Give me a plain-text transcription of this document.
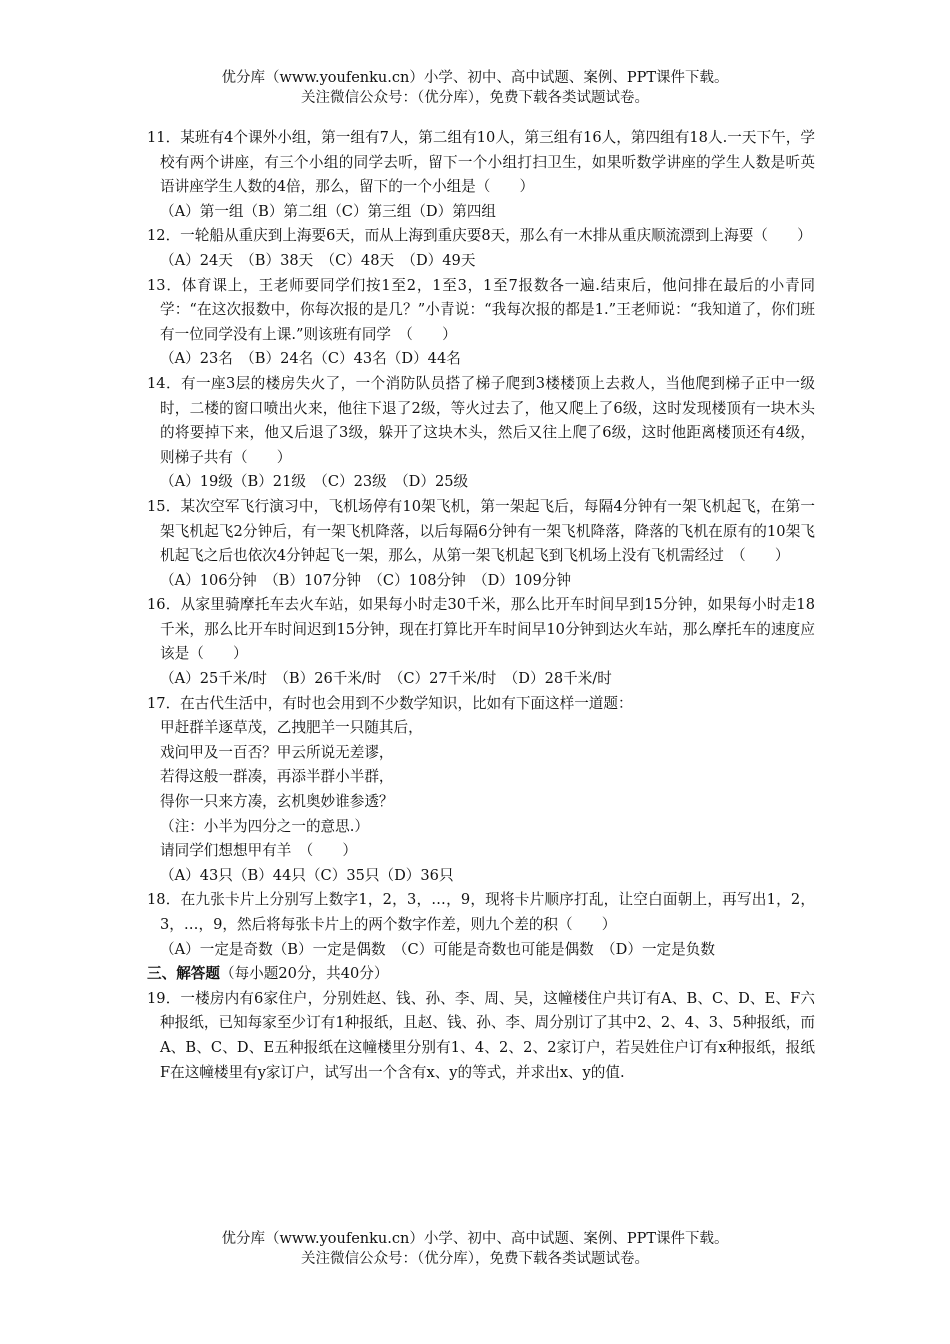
优分库（www.youfenku.cn）小学、初中、高中试题、案例、PPT课件下载。
关注微信公众号：（优分库），免费下载各类试题试卷。
11．某班有4个课外小组，第一组有7人，第二组有10人，第三组有16人，第四组有18人.一天下午，学校有两个讲座，有三个小组的同学去听，留下一个小组打扫卫生，如果听数学讲座的学生人数是听英语讲座学生人数的4倍，那么，留下的一个小组是（　　）
（A）第一组（B）第二组（C）第三组（D）第四组
12．一轮船从重庆到上海要6天，而从上海到重庆要8天，那么有一木排从重庆顺流漂到上海要（　　）
（A）24天　（B）38天　（C）48天　（D）49天
13．体育课上，王老师要同学们按1至2，1至3，1至7报数各一遍.结束后，他问排在最后的小青同学：“在这次报数中，你每次报的是几？”小青说：“我每次报的都是1.”王老师说：“我知道了，你们班有一位同学没有上课.”则该班有同学　（　　）
（A）23名　（B）24名（C）43名（D）44名
14．有一座3层的楼房失火了，一个消防队员搭了梯子爬到3楼楼顶上去救人，当他爬到梯子正中一级时，二楼的窗口喷出火来，他往下退了2级，等火过去了，他又爬上了6级，这时发现楼顶有一块木头的将要掉下来，他又后退了3级，躲开了这块木头，然后又往上爬了6级，这时他距离楼顶还有4级，则梯子共有（　　）
（A）19级（B）21级　（C）23级　（D）25级
15．某次空军飞行演习中，飞机场停有10架飞机，第一架起飞后，每隔4分钟有一架飞机起飞，在第一架飞机起飞2分钟后，有一架飞机降落，以后每隔6分钟有一架飞机降落，降落的飞机在原有的10架飞机起飞之后也依次4分钟起飞一架，那么，从第一架飞机起飞到飞机场上没有飞机需经过　（　　）
（A）106分钟　（B）107分钟　（C）108分钟　（D）109分钟
16．从家里骑摩托车去火车站，如果每小时走30千米，那么比开车时间早到15分钟，如果每小时走18千米，那么比开车时间迟到15分钟，现在打算比开车时间早10分钟到达火车站，那么摩托车的速度应该是（　　）
（A）25千米/时　（B）26千米/时　（C）27千米/时　（D）28千米/时
17．在古代生活中，有时也会用到不少数学知识，比如有下面这样一道题：
甲赶群羊逐草茂，乙拽肥羊一只随其后，
戏问甲及一百否？甲云所说无差谬，
若得这般一群凑，再添半群小半群，
得你一只来方凑，玄机奥妙谁参透？
（注：小半为四分之一的意思.）
请同学们想想甲有羊　（　　）
（A）43只（B）44只（C）35只（D）36只
18．在九张卡片上分别写上数字1，2，3，…，9，现将卡片顺序打乱，让空白面朝上，再写出1，2，3，…，9，然后将每张卡片上的两个数字作差，则九个差的积（　　）
（A）一定是奇数（B）一定是偶数　（C）可能是奇数也可能是偶数　（D）一定是负数
三、解答题（每小题20分，共40分）
19．一楼房内有6家住户，分别姓赵、钱、孙、李、周、吴，这幢楼住户共订有A、B、C、D、E、F六种报纸，已知每家至少订有1种报纸，且赵、钱、孙、李、周分别订了其中2、2、4、3、5种报纸，而A、B、C、D、E五种报纸在这幢楼里分别有1、4、2、2、2家订户，若吴姓住户订有x种报纸，报纸F在这幢楼里有y家订户，试写出一个含有x、y的等式，并求出x、y的值.
优分库（www.youfenku.cn）小学、初中、高中试题、案例、PPT课件下载。
关注微信公众号：（优分库），免费下载各类试题试卷。
